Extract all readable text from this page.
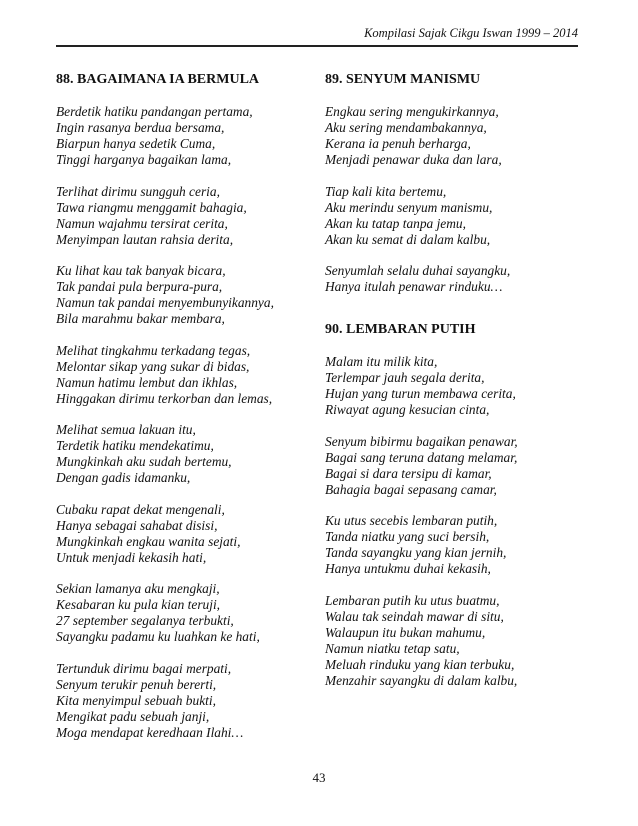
Kompilasi Sajak Cikgu Iswan 1999 – 2014
88. BAGAIMANA IA BERMULA
Berdetik hatiku pandangan pertama,
Ingin rasanya berdua bersama,
Biarpun hanya sedetik Cuma,
Tinggi harganya bagaikan lama,
Terlihat dirimu sungguh ceria,
Tawa riangmu menggamit bahagia,
Namun wajahmu tersirat cerita,
Menyimpan lautan rahsia derita,
Ku lihat kau tak banyak bicara,
Tak pandai pula berpura-pura,
Namun tak pandai menyembunyikannya,
Bila marahmu bakar membara,
Melihat tingkahmu terkadang tegas,
Melontar sikap yang sukar di bidas,
Namun hatimu lembut dan ikhlas,
Hinggakan dirimu terkorban dan lemas,
Melihat semua lakuan itu,
Terdetik hatiku mendekatimu,
Mungkinkah aku sudah bertemu,
Dengan gadis idamanku,
Cubaku rapat dekat mengenali,
Hanya sebagai sahabat disisi,
Mungkinkah engkau wanita sejati,
Untuk menjadi kekasih hati,
Sekian lamanya aku mengkaji,
Kesabaran ku pula kian teruji,
27 september segalanya terbukti,
Sayangku padamu ku luahkan ke hati,
Tertunduk dirimu bagai merpati,
Senyum terukir penuh bererti,
Kita menyimpul sebuah bukti,
Mengikat padu sebuah janji,
Moga mendapat keredhaan Ilahi…
89. SENYUM MANISMU
Engkau sering mengukirkannya,
Aku sering mendambakannya,
Kerana ia penuh berharga,
Menjadi penawar duka dan lara,
Tiap kali kita bertemu,
Aku merindu senyum manismu,
Akan ku tatap tanpa jemu,
Akan ku semat di dalam kalbu,
Senyumlah selalu duhai sayangku,
Hanya itulah penawar rinduku…
90. LEMBARAN PUTIH
Malam itu milik kita,
Terlempar jauh segala derita,
Hujan yang turun membawa cerita,
Riwayat agung kesucian cinta,
Senyum bibirmu bagaikan penawar,
Bagai sang teruna datang melamar,
Bagai si dara tersipu di kamar,
Bahagia bagai sepasang camar,
Ku utus secebis lembaran putih,
Tanda niatku yang suci bersih,
Tanda sayangku yang kian jernih,
Hanya untukmu duhai kekasih,
Lembaran putih ku utus buatmu,
Walau tak seindah mawar di situ,
Walaupun itu bukan mahumu,
Namun niatku tetap satu,
Meluah rinduku yang kian terbuku,
Menzahir sayangku di dalam kalbu,
43
